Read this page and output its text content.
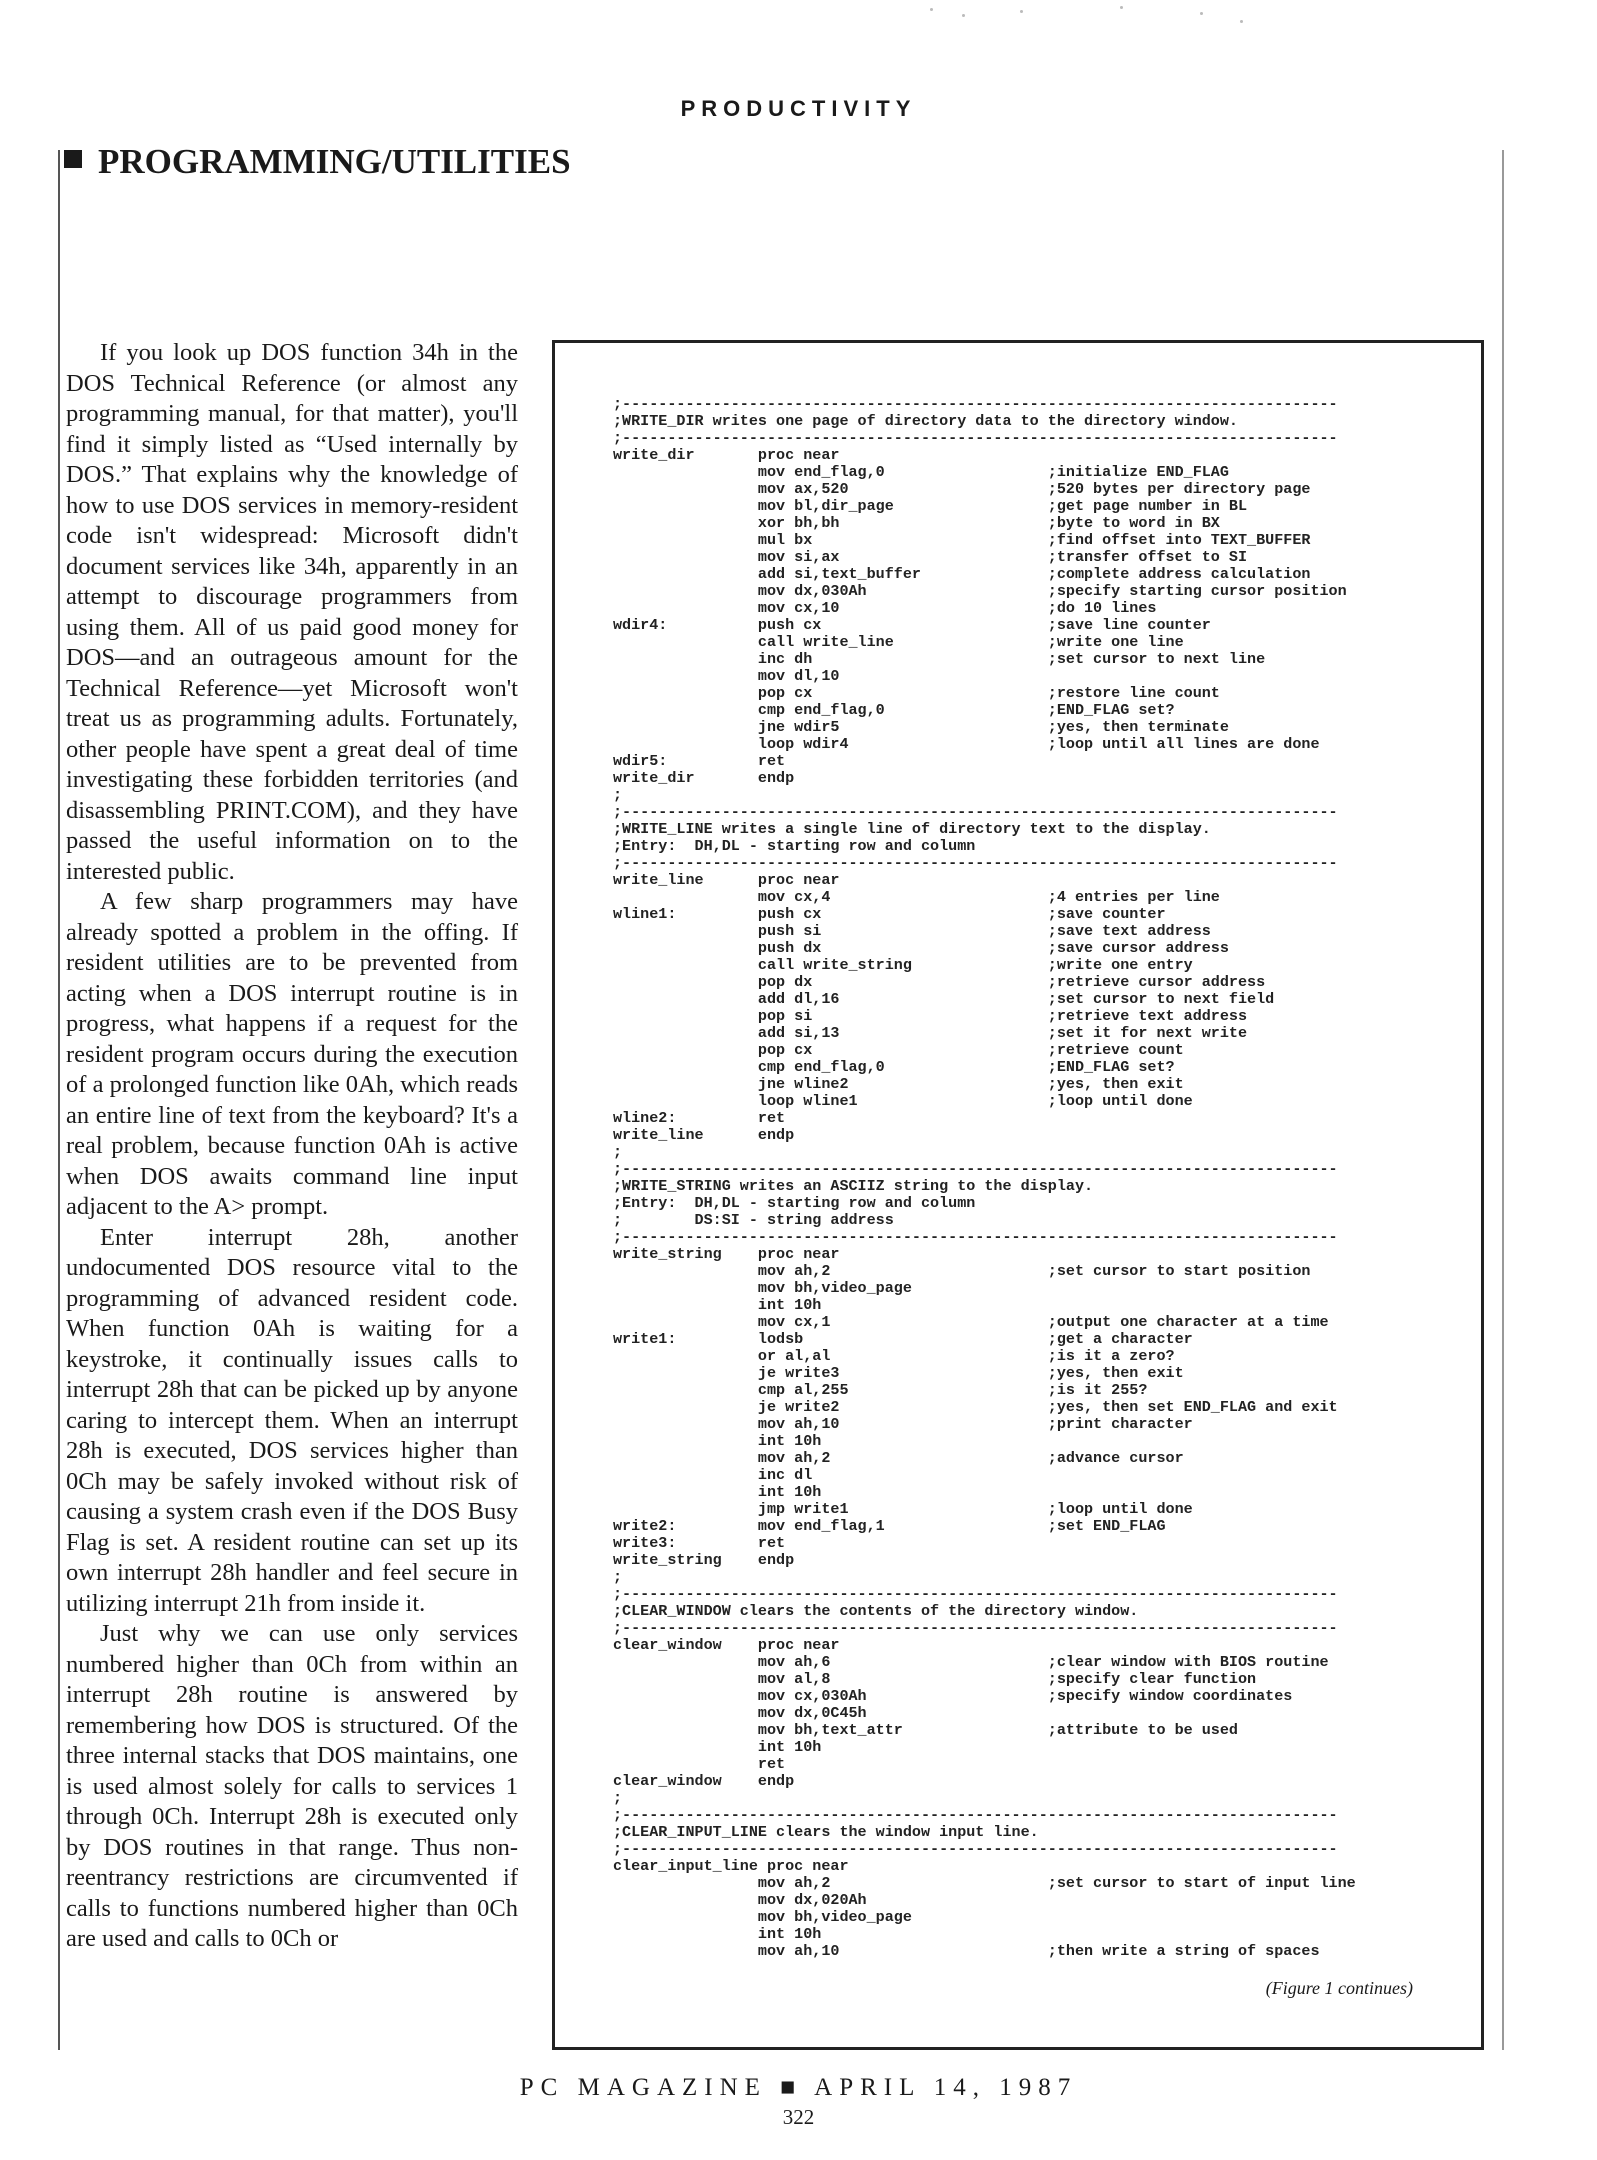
PRODUCTIVITY
PROGRAMMING/UTILITIES

If you look up DOS function 34h in the DOS Technical Reference (or almost any programming manual, for that matter), you'll find it simply listed as “Used internally by DOS.” That explains why the knowledge of how to use DOS services in memory-resident code isn't widespread: Microsoft didn't document services like 34h, apparently in an attempt to discourage programmers from using them. All of us paid good money for DOS—and an outrageous amount for the Technical Reference—yet Microsoft won't treat us as programming adults. Fortunately, other people have spent a great deal of time investigating these forbidden territories (and disassembling PRINT.COM), and they have passed the useful information on to the interested public.

A few sharp programmers may have already spotted a problem in the offing. If resident utilities are to be prevented from acting when a DOS interrupt routine is in progress, what happens if a request for the resident program occurs during the execution of a prolonged function like 0Ah, which reads an entire line of text from the keyboard? It's a real problem, because function 0Ah is active when DOS awaits command line input adjacent to the A> prompt.

Enter interrupt 28h, another undocumented DOS resource vital to the programming of advanced resident code. When function 0Ah is waiting for a keystroke, it continually issues calls to interrupt 28h that can be picked up by anyone caring to intercept them. When an interrupt 28h is executed, DOS services higher than 0Ch may be safely invoked without risk of causing a system crash even if the DOS Busy Flag is set. A resident routine can set up its own interrupt 28h handler and feel secure in utilizing interrupt 21h from inside it.

Just why we can use only services numbered higher than 0Ch from within an interrupt 28h routine is answered by remembering how DOS is structured. Of the three internal stacks that DOS maintains, one is used almost solely for calls to services 1 through 0Ch. Interrupt 28h is executed only by DOS routines in that range. Thus non-reentrancy restrictions are circumvented if calls to functions numbered higher than 0Ch are used and calls to 0Ch or

;-------------------------------------------------------------------------------
;WRITE_DIR writes one page of directory data to the directory window.
;-------------------------------------------------------------------------------
write_dir       proc near
mov end_flag,0                  ;initialize END_FLAG
mov ax,520                      ;520 bytes per directory page
mov bl,dir_page                 ;get page number in BL
xor bh,bh                       ;byte to word in BX
mul bx                          ;find offset into TEXT_BUFFER
mov si,ax                       ;transfer offset to SI
add si,text_buffer              ;complete address calculation
mov dx,030Ah                    ;specify starting cursor position
mov cx,10                       ;do 10 lines
wdir4:          push cx                         ;save line counter
call write_line                 ;write one line
inc dh                          ;set cursor to next line
mov dl,10
pop cx                          ;restore line count
cmp end_flag,0                  ;END_FLAG set?
jne wdir5                       ;yes, then terminate
loop wdir4                      ;loop until all lines are done
wdir5:          ret
write_dir       endp
;
;-------------------------------------------------------------------------------
;WRITE_LINE writes a single line of directory text to the display.
;Entry:  DH,DL - starting row and column
;-------------------------------------------------------------------------------
write_line      proc near
mov cx,4                        ;4 entries per line
wline1:         push cx                         ;save counter
push si                         ;save text address
push dx                         ;save cursor address
call write_string               ;write one entry
pop dx                          ;retrieve cursor address
add dl,16                       ;set cursor to next field
pop si                          ;retrieve text address
add si,13                       ;set it for next write
pop cx                          ;retrieve count
cmp end_flag,0                  ;END_FLAG set?
jne wline2                      ;yes, then exit
loop wline1                     ;loop until done
wline2:         ret
write_line      endp
;
;-------------------------------------------------------------------------------
;WRITE_STRING writes an ASCIIZ string to the display.
;Entry:  DH,DL - starting row and column
;        DS:SI - string address
;-------------------------------------------------------------------------------
write_string    proc near
mov ah,2                        ;set cursor to start position
mov bh,video_page
int 10h
mov cx,1                        ;output one character at a time
write1:         lodsb                           ;get a character
or al,al                        ;is it a zero?
je write3                       ;yes, then exit
cmp al,255                      ;is it 255?
je write2                       ;yes, then set END_FLAG and exit
mov ah,10                       ;print character
int 10h
mov ah,2                        ;advance cursor
inc dl
int 10h
jmp write1                      ;loop until done
write2:         mov end_flag,1                  ;set END_FLAG
write3:         ret
write_string    endp
;
;-------------------------------------------------------------------------------
;CLEAR_WINDOW clears the contents of the directory window.
;-------------------------------------------------------------------------------
clear_window    proc near
mov ah,6                        ;clear window with BIOS routine
mov al,8                        ;specify clear function
mov cx,030Ah                    ;specify window coordinates
mov dx,0C45h
mov bh,text_attr                ;attribute to be used
int 10h
ret
clear_window    endp
;
;-------------------------------------------------------------------------------
;CLEAR_INPUT_LINE clears the window input line.
;-------------------------------------------------------------------------------
clear_input_line proc near
mov ah,2                        ;set cursor to start of input line
mov dx,020Ah
mov bh,video_page
int 10h
mov ah,10                       ;then write a string of spaces
(Figure 1 continues)
PC MAGAZINE ■ APRIL 14, 1987
322
